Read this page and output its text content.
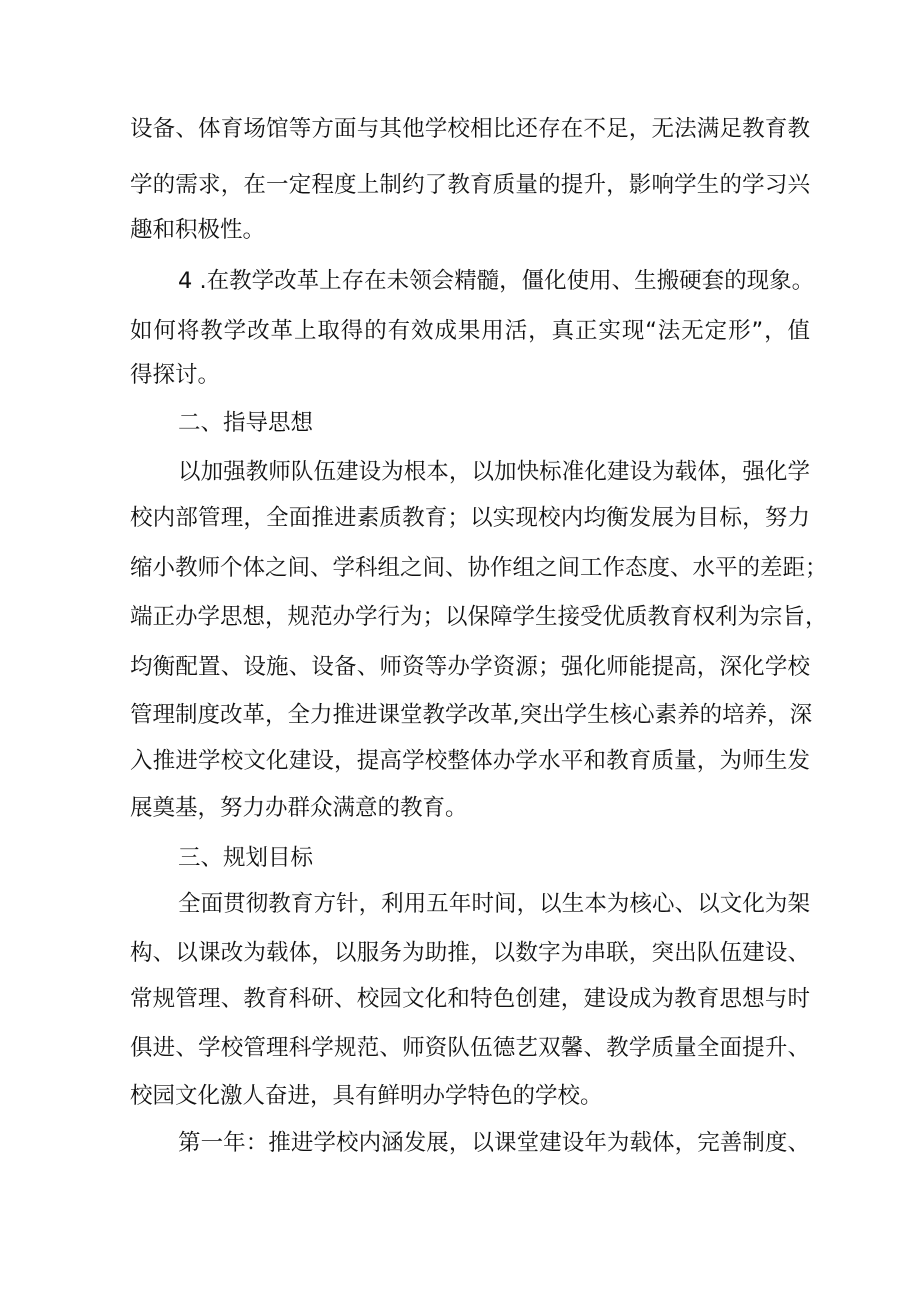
设备、体育场馆等方面与其他学校相比还存在不足，无法满足教育教
学的需求，在一定程度上制约了教育质量的提升，影响学生的学习兴
趣和积极性。
4 .在教学改革上存在未领会精髓，僵化使用、生搬硬套的现象。
如何将教学改革上取得的有效成果用活，真正实现“法无定形”，值
得探讨。
二、指导思想
以加强教师队伍建设为根本，以加快标准化建设为载体，强化学
校内部管理，全面推进素质教育；以实现校内均衡发展为目标，努力
缩小教师个体之间、学科组之间、协作组之间工作态度、水平的差距；
端正办学思想，规范办学行为；以保障学生接受优质教育权利为宗旨，
均衡配置、设施、设备、师资等办学资源；强化师能提高，深化学校
管理制度改革，全力推进课堂教学改革,突出学生核心素养的培养，深
入推进学校文化建设，提高学校整体办学水平和教育质量，为师生发
展奠基，努力办群众满意的教育。
三、规划目标
全面贯彻教育方针，利用五年时间，以生本为核心、以文化为架
构、以课改为载体，以服务为助推，以数字为串联，突出队伍建设、
常规管理、教育科研、校园文化和特色创建，建设成为教育思想与时
俱进、学校管理科学规范、师资队伍德艺双馨、教学质量全面提升、
校园文化激人奋进，具有鲜明办学特色的学校。
第一年：推进学校内涵发展，以课堂建设年为载体，完善制度、
